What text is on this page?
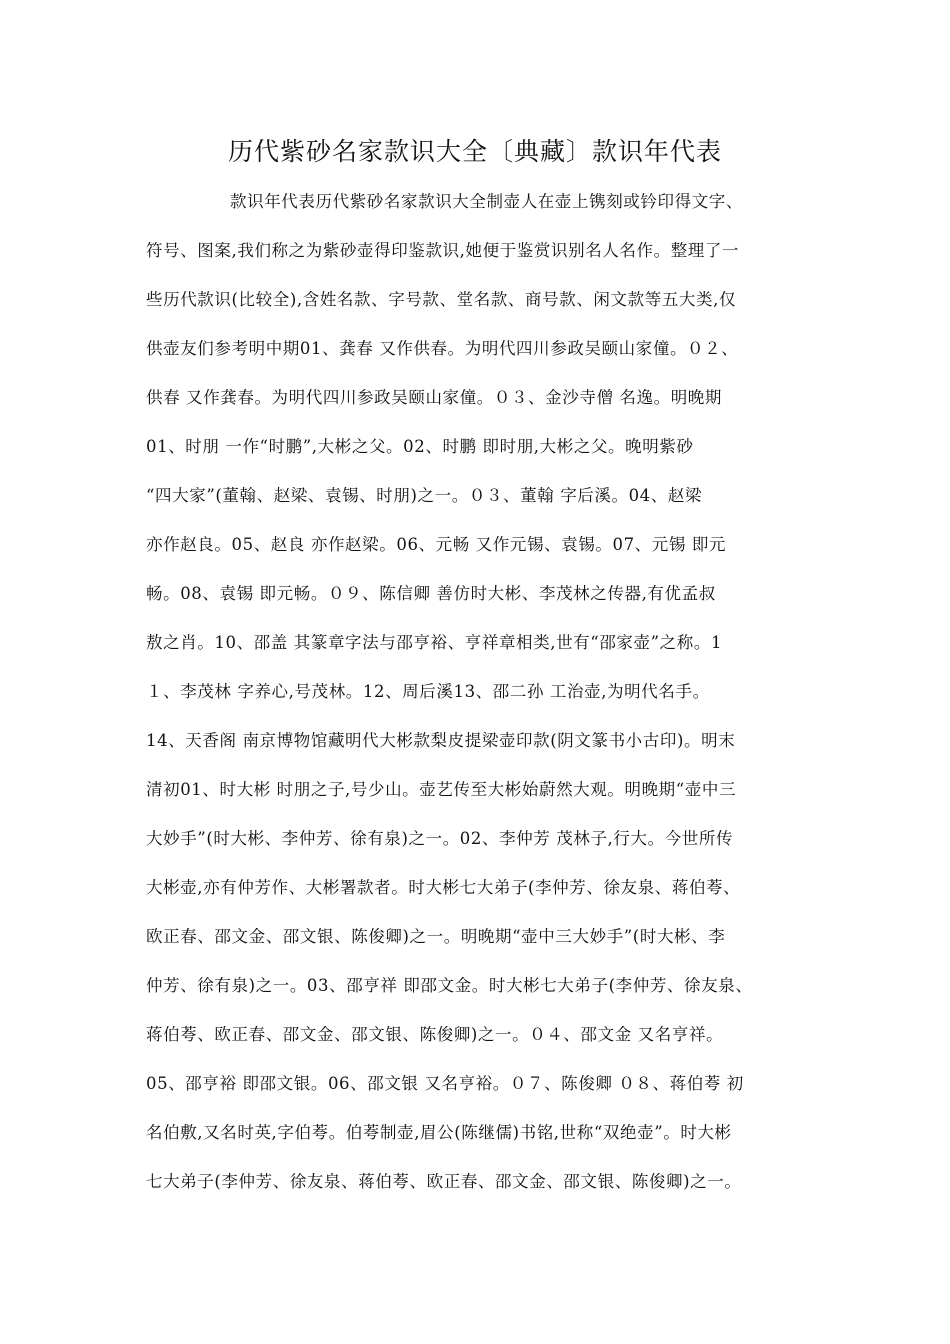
历代紫砂名家款识大全〔典藏〕款识年代表
款识年代表历代紫砂名家款识大全制壶人在壶上镌刻或钤印得文字、
符号、图案,我们称之为紫砂壶得印鉴款识,她便于鉴赏识别名人名作。整理了一
些历代款识(比较全),含姓名款、字号款、堂名款、商号款、闲文款等五大类,仅
供壶友们参考明中期01、龚春 又作供春。为明代四川参政吴颐山家僮。０２、
供春 又作龚春。为明代四川参政吴颐山家僮。０３、金沙寺僧 名逸。明晚期
01、时朋 一作“时鹏”,大彬之父。02、时鹏 即时朋,大彬之父。晚明紫砂
“四大家”(董翰、赵梁、袁锡、时朋)之一。０３、董翰 字后溪。04、赵梁
亦作赵良。05、赵良 亦作赵梁。06、元畅 又作元锡、袁锡。07、元锡 即元
畅。08、袁锡 即元畅。０９、陈信卿 善仿时大彬、李茂林之传器,有优孟叔
敖之肖。10、邵盖 其篆章字法与邵亨裕、亨祥章相类,世有“邵家壶”之称。1
１、李茂林 字养心,号茂林。12、周后溪13、邵二孙 工治壶,为明代名手。
14、天香阁 南京博物馆藏明代大彬款梨皮提梁壶印款(阴文篆书小古印)。明末
清初01、时大彬 时朋之子,号少山。壶艺传至大彬始蔚然大观。明晚期“壶中三
大妙手”(时大彬、李仲芳、徐有泉)之一。02、李仲芳 茂林子,行大。今世所传
大彬壶,亦有仲芳作、大彬署款者。时大彬七大弟子(李仲芳、徐友泉、蒋伯荂、
欧正春、邵文金、邵文银、陈俊卿)之一。明晚期“壶中三大妙手”(时大彬、李
仲芳、徐有泉)之一。03、邵亨祥 即邵文金。时大彬七大弟子(李仲芳、徐友泉、
蒋伯荂、欧正春、邵文金、邵文银、陈俊卿)之一。０４、邵文金 又名亨祥。
05、邵亨裕 即邵文银。06、邵文银 又名亨裕。０７、陈俊卿 ０８、蒋伯荂 初
名伯敷,又名时英,字伯荂。伯荂制壶,眉公(陈继儒)书铭,世称“双绝壶”。时大彬
七大弟子(李仲芳、徐友泉、蒋伯荂、欧正春、邵文金、邵文银、陈俊卿)之一。
